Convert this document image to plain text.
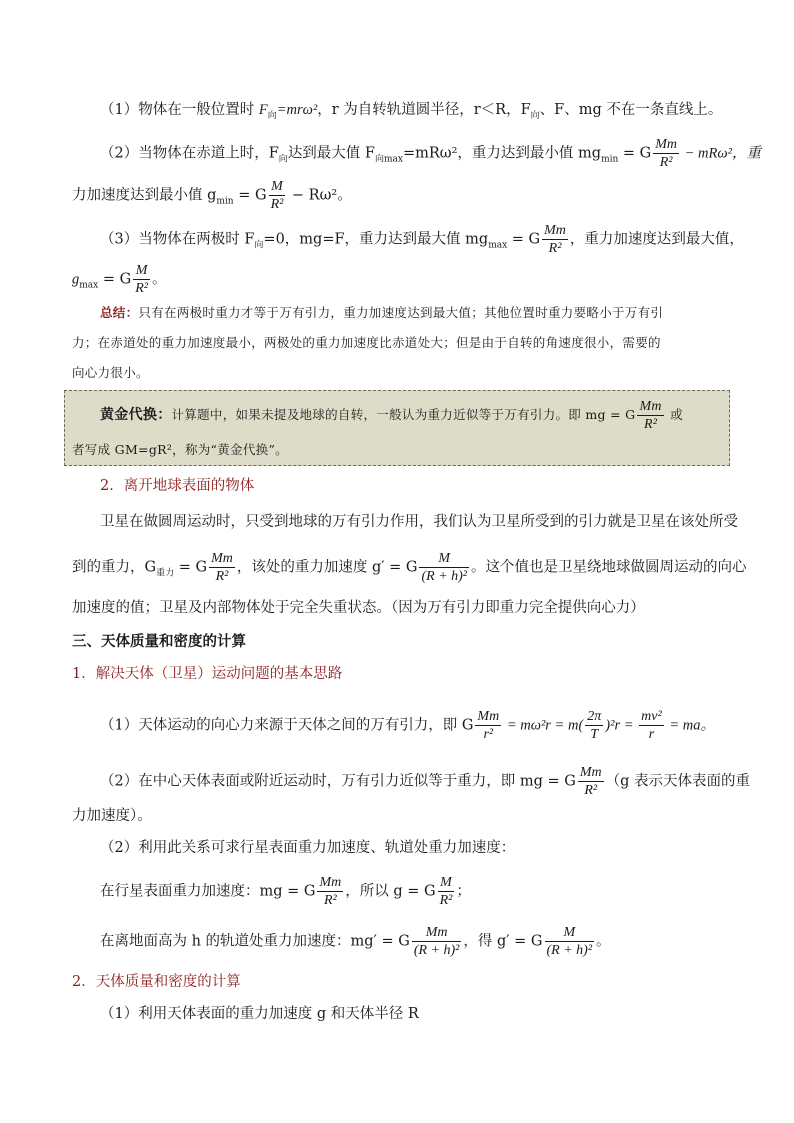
（1）物体在一般位置时 $F_向=mr\omega^2$，r 为自转轨道圆半径，r＜R，$F_向$、F、mg 不在一条直线上。
（2）当物体在赤道上时，$F_向$达到最大值 $F_{向max}=mR\omega^2$，重力达到最小值 $mg_{min} = G \frac{Mm}{\text{R²}} - mR\omega^2$，重
力加速度达到最小值 $g_{min} = G \frac{M}{\text{R²}} - R\omega^2$。
（3）当物体在两极时 $F_向=0$，mg=F，重力达到最大值 $mg_{max} = G \frac{Mm}{\text{R²}}$ ，重力加速度达到最大值，
$g_{max} = G \frac{M}{\text{R²}}$ 。
总结：只有在两极时重力才等于万有引力，重力加速度达到最大值；其他位置时重力要略小于万有引
力；在赤道处的重力加速度最小，两极处的重力加速度比赤道处大；但是由于自转的角速度很小，需要的
向心力很小。
黄金代换：计算题中，如果未提及地球的自转，一般认为重力近似等于万有引力。即 mg = G $\frac{Mm}{\text{R²}}$ 或
者写成 GM=gR²，称为“黄金代换”。
2．离开地球表面的物体
卫星在做圆周运动时，只受到地球的万有引力作用，我们认为卫星所受到的引力就是卫星在该处所受
到的重力，$G_{重力} = G \frac{Mm}{\text{R²}}$ ，该处的重力加速度 g′ = G $\frac{M}{\text{(R + h)²}}$ 。这个值也是卫星绕地球做圆周运动的向心
加速度的值；卫星及内部物体处于完全失重状态。（因为万有引力即重力完全提供向心力）
三、天体质量和密度的计算
1．解决天体（卫星）运动问题的基本思路
（1）天体运动的向心力来源于天体之间的万有引力，即 G $\frac{Mm}{\text{r²}} = m\omega^2r = m( \frac{2\pi}{T} )^2r = \frac{\text{mv²}}{r}$ = ma。
（2）在中心天体表面或附近运动时，万有引力近似等于重力，即 mg = G $\frac{Mm}{\text{R²}} (g$ 表示天体表面的重
力加速度）。
（2）利用此关系可求行星表面重力加速度、轨道处重力加速度：
在行星表面重力加速度：mg = G $\frac{Mm}{\text{R²}}$ ，所以 g = G $\frac{M}{\text{R²}}$ ；
在离地面高为 h 的轨道处重力加速度：mg′ = G $\frac{Mm}{\text{(R + h)²}}$ ，得 g′ = G $\frac{M}{\text{(R + h)²}}$ 。
2．天体质量和密度的计算
（1）利用天体表面的重力加速度 g 和天体半径 R
